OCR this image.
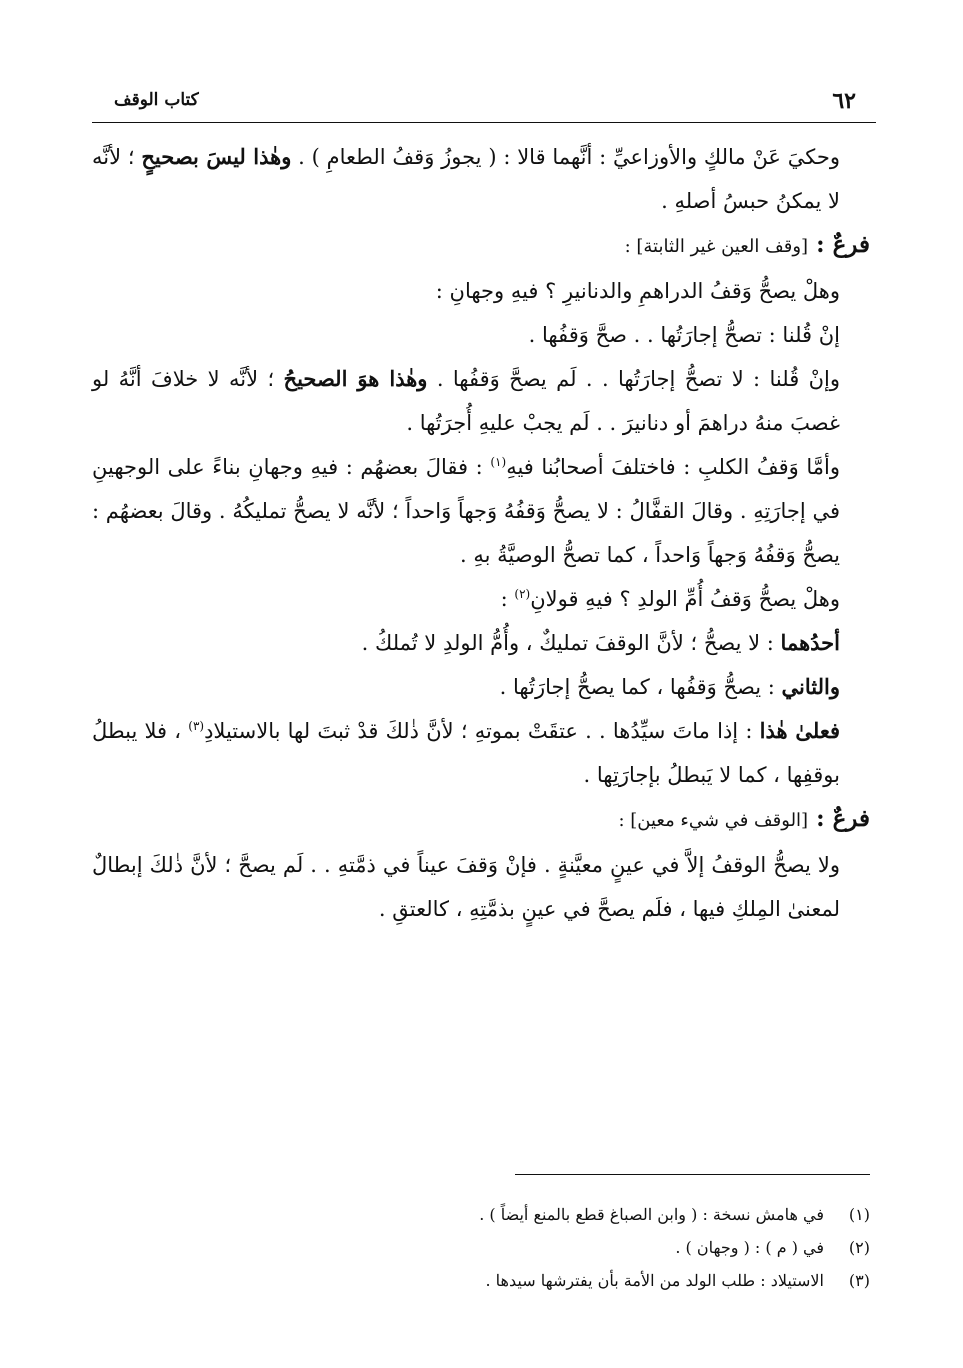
٦٢
كتاب الوقف

وحكيَ عَنْ مالكٍ والأوزاعيِّ : أنَّهما قالا : ( يجوزُ وَقفُ الطعامِ ) . وهٰذا ليسَ بصحيحٍ ؛ لأنَّه لا يمكنُ حبسُ أصلهِ .

فرعٌ : [وقف العين غير الثابتة] :

وهلْ يصحُّ وَقفُ الدراهمِ والدنانيرِ ؟ فيهِ وجهانِ :

إنْ قُلنا : تصحُّ إجارَتُها . . صحَّ وَقفُها .

وإنْ قُلنا : لا تصحُّ إجارَتُها . . لَم يصحَّ وَقفُها . وهٰذا هوَ الصحيحُ ؛ لأنَّه لا خلافَ أنَّهُ لو غصبَ منهُ دراهمَ أو دنانيرَ . . لَم يجبْ عليهِ أُجرَتُها .

وأمَّا وَقفُ الكلبِ : فاختلفَ أصحابُنا فيهِ$^{(١)}$ : فقالَ بعضهُم : فيهِ وجهانِ بناءً على الوجهينِ في إجارَتِهِ . وقالَ القفَّالُ : لا يصحُّ وَقفُهُ وَجهاً وَاحداً ؛ لأنَّه لا يصحُّ تمليكُهُ . وقالَ بعضهُم : يصحُّ وَقفُهُ وَجهاً وَاحداً ، كما تصحُّ الوصيَّةُ بهِ .

وهلْ يصحُّ وَقفُ أُمِّ الولدِ ؟ فيهِ قولانِ$^{(٢)}$ :

أحدُهما : لا يصحُّ ؛ لأنَّ الوقفَ تمليكٌ ، وأُمُّ الولدِ لا تُملكُ .

والثاني : يصحُّ وَقفُها ، كما يصحُّ إجارَتُها .

فعلىٰ هٰذا : إذا ماتَ سيِّدُها . . عتقَتْ بموتهِ ؛ لأنَّ ذٰلكَ قدْ ثبتَ لها بالاستيلادِ$^{(٣)}$ ، فلا يبطلُ بوقفِها ، كما لا يَبطلُ بإجارَتِها .

فرعٌ : [الوقف في شيء معين] :

ولا يصحُّ الوقفُ إلاَّ في عينٍ معيَّنةٍ . فإنْ وَقفَ عيناً في ذمَّتهِ . . لَم يصحَّ ؛ لأنَّ ذٰلكَ إبطالٌ لمعنىٰ المِلكِ فيها ، فلَم يصحَّ في عينٍ بذمَّتِهِ ، كالعتقِ .

(١)في هامش نسخة : ( وابن الصباغ قطع بالمنع أيضاً ) .

(٢)في ( م ) : ( وجهان ) .

(٣)الاستيلاد : طلب الولد من الأمة بأن يفترشها سيدها .
